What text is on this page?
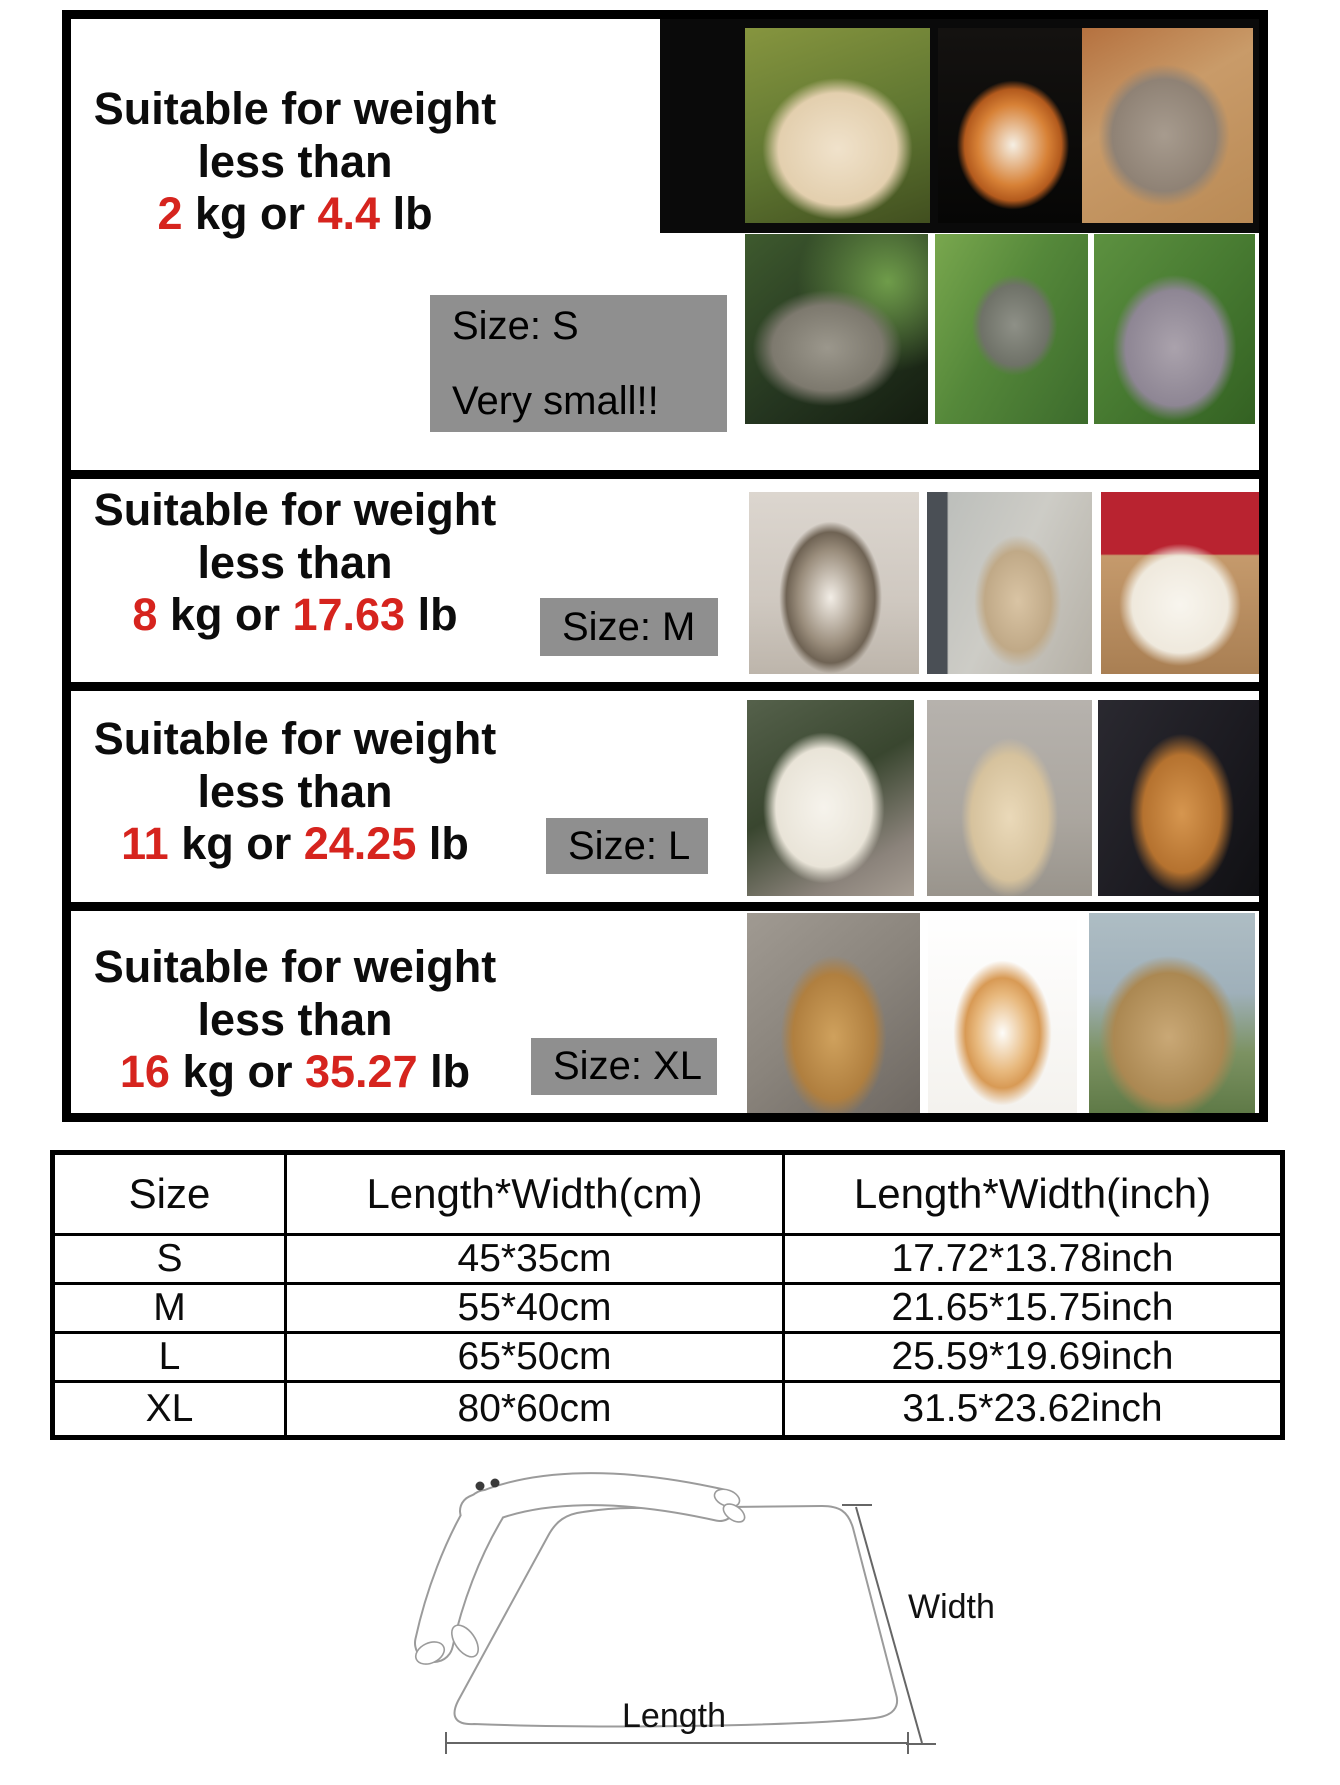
Suitable for weight
less than
2 kg or 4.4 lb
Size: S
Very small!!
Suitable for weight
less than
8 kg or 17.63 lb	Size: M
Suitable for weight
less than
11 kg or 24.25 lb	Size: L
Suitable for weight
less than
16 kg or 35.27 lb	Size: XL
Size	Length*Width(cm)	Length*Width(inch)
S	45*35cm	17.72*13.78inch
M	55*40cm	21.65*15.75inch
L	65*50cm	25.59*19.69inch
XL	80*60cm	31.5*23.62inch
Width
Length
